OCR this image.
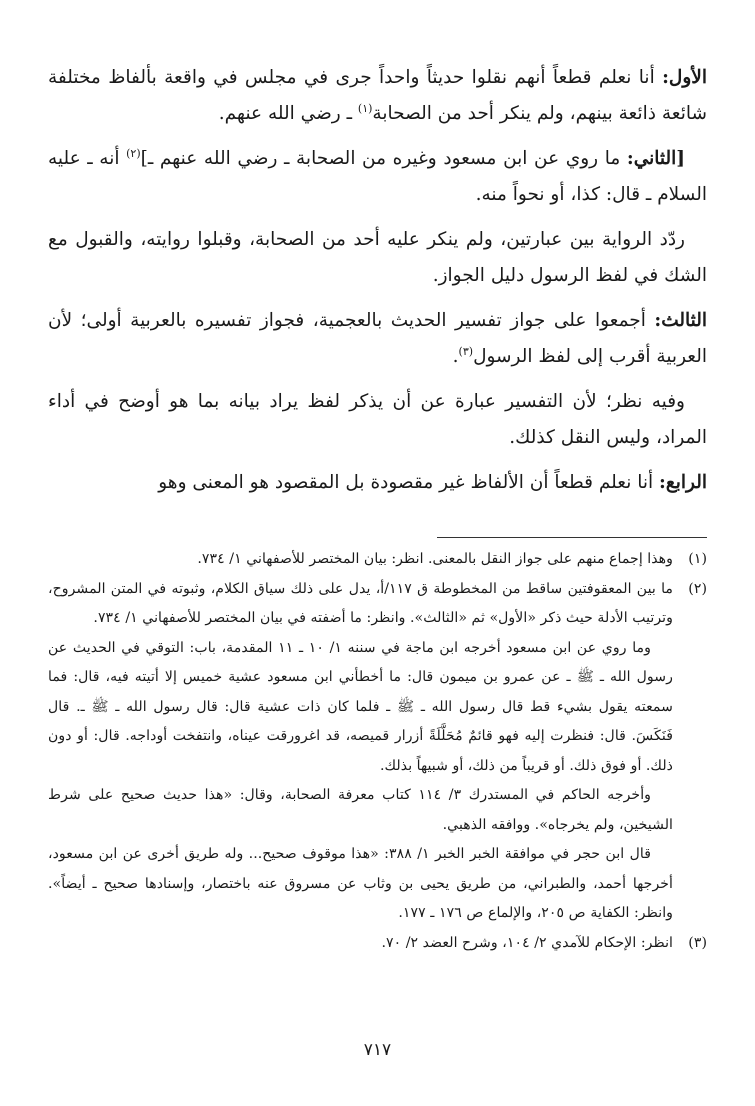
الأول: أنا نعلم قطعاً أنهم نقلوا حديثاً واحداً جرى في مجلس في واقعة بألفاظ مختلفة شائعة ذائعة بينهم، ولم ينكر أحد من الصحابة$^{(١)}$ ـ رضي الله عنهم.

[الثاني: ما روي عن ابن مسعود وغيره من الصحابة ـ رضي الله عنهم ـ]$^{(٢)}$ أنه ـ عليه السلام ـ قال: كذا، أو نحواً منه.

ردّد الرواية بين عبارتين، ولم ينكر عليه أحد من الصحابة، وقبلوا روايته، والقبول مع الشك في لفظ الرسول دليل الجواز.

الثالث: أجمعوا على جواز تفسير الحديث بالعجمية، فجواز تفسيره بالعربية أولى؛ لأن العربية أقرب إلى لفظ الرسول$^{(٣)}$.

وفيه نظر؛ لأن التفسير عبارة عن أن يذكر لفظ يراد بيانه بما هو أوضح في أداء المراد، وليس النقل كذلك.

الرابع: أنا نعلم قطعاً أن الألفاظ غير مقصودة بل المقصود هو المعنى وهو

(١)
وهذا إجماع منهم على جواز النقل بالمعنى. انظر: بيان المختصر للأصفهاني ١/ ٧٣٤.
(٢)
ما بين المعقوفتين ساقط من المخطوطة ق ١١٧/أ، يدل على ذلك سياق الكلام، وثبوته في المتن المشروح، وترتيب الأدلة حيث ذكر «الأول» ثم «الثالث». وانظر: ما أضفته في بيان المختصر للأصفهاني ١/ ٧٣٤.

وما روي عن ابن مسعود أخرجه ابن ماجة في سننه ١/ ١٠ ـ ١١ المقدمة، باب: التوقي في الحديث عن رسول الله ـ ﷺ ـ عن عمرو بن ميمون قال: ما أخطأني ابن مسعود عشية خميس إلا أتيته فيه، قال: فما سمعته يقول بشيء قط قال رسول الله ـ ﷺ ـ فلما كان ذات عشية قال: قال رسول الله ـ ﷺ ـ. قال فَنَكَسَ. قال: فنظرت إليه فهو قائمٌ مُحَلَّلَةً أزرار قميصه، قد اغرورقت عيناه، وانتفخت أوداجه. قال: أو دون ذلك. أو فوق ذلك. أو قريباً من ذلك، أو شبيهاً بذلك.

وأخرجه الحاكم في المستدرك ٣/ ١١٤ كتاب معرفة الصحابة، وقال: «هذا حديث صحيح على شرط الشيخين، ولم يخرجاه». ووافقه الذهبي.

قال ابن حجر في موافقة الخبر الخبر ١/ ٣٨٨: «هذا موقوف صحيح... وله طريق أخرى عن ابن مسعود، أخرجها أحمد، والطبراني، من طريق يحيى بن وثاب عن مسروق عنه باختصار، وإسنادها صحيح ـ أيضاً». وانظر: الكفاية ص ٢٠٥، والإلماع ص ١٧٦ ـ ١٧٧.

(٣)
انظر: الإحكام للآمدي ٢/ ١٠٤، وشرح العضد ٢/ ٧٠.
٧١٧
